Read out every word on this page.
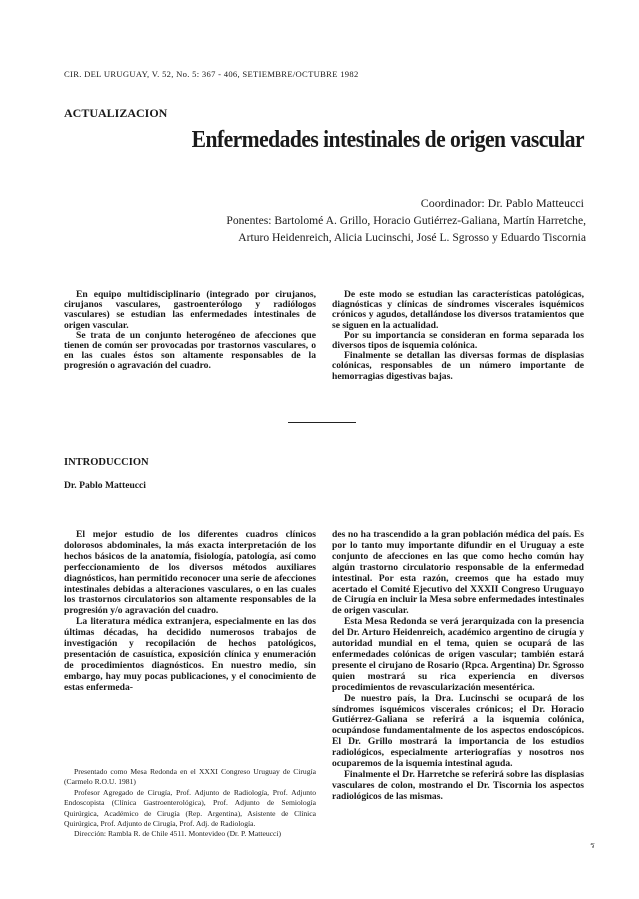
CIR. DEL URUGUAY, V. 52, No. 5: 367 - 406, SETIEMBRE/OCTUBRE 1982
ACTUALIZACION
Enfermedades intestinales de origen vascular
Coordinador: Dr. Pablo Matteucci
Ponentes: Bartolomé A. Grillo, Horacio Gutiérrez-Galiana, Martín Harretche,
Arturo Heidenreich, Alicia Lucinschi, José L. Sgrosso y Eduardo Tiscornia

En equipo multidisciplinario (integrado por cirujanos, cirujanos vasculares, gastroenterólogo y radiólogos vasculares) se estudian las enfermedades intestinales de origen vascular.

Se trata de un conjunto heterogéneo de afecciones que tienen de común ser provocadas por trastornos vasculares, o en las cuales éstos son altamente responsables de la progresión o agravación del cuadro.

De este modo se estudian las características patológicas, diagnósticas y clínicas de síndromes viscerales isquémicos crónicos y agudos, detallándose los diversos tratamientos que se siguen en la actualidad.

Por su importancia se consideran en forma separada los diversos tipos de isquemia colónica.

Finalmente se detallan las diversas formas de displasias colónicas, responsables de un número importante de hemorragias digestivas bajas.

INTRODUCCION
Dr. Pablo Matteucci

El mejor estudio de los diferentes cuadros clínicos dolorosos abdominales, la más exacta interpretación de los hechos básicos de la anatomía, fisiología, patología, así como perfeccionamiento de los diversos métodos auxiliares diagnósticos, han permitido reconocer una serie de afecciones intestinales debidas a alteraciones vasculares, o en las cuales los trastornos circulatorios son altamente responsables de la progresión y/o agravación del cuadro.

La literatura médica extranjera, especialmente en las dos últimas décadas, ha decidido numerosos trabajos de investigación y recopilación de hechos patológicos, presentación de casuística, exposición clínica y enumeración de procedimientos diagnósticos. En nuestro medio, sin embargo, hay muy pocas publicaciones, y el conocimiento de estas enfermeda-

des no ha trascendido a la gran población médica del país. Es por lo tanto muy importante difundir en el Uruguay a este conjunto de afecciones en las que como hecho común hay algún trastorno circulatorio responsable de la enfermedad intestinal. Por esta razón, creemos que ha estado muy acertado el Comité Ejecutivo del XXXII Congreso Uruguayo de Cirugía en incluir la Mesa sobre enfermedades intestinales de origen vascular.

Esta Mesa Redonda se verá jerarquizada con la presencia del Dr. Arturo Heidenreich, académico argentino de cirugía y autoridad mundial en el tema, quien se ocupará de las enfermedades colónicas de origen vascular; también estará presente el cirujano de Rosario (Rpca. Argentina) Dr. Sgrosso quien mostrará su rica experiencia en diversos procedimientos de revascularización mesentérica.

De nuestro país, la Dra. Lucinschi se ocupará de los síndromes isquémicos viscerales crónicos; el Dr. Horacio Gutiérrez-Galiana se referirá a la isquemia colónica, ocupándose fundamentalmente de los aspectos endoscópicos. El Dr. Grillo mostrará la importancia de los estudios radiológicos, especialmente arteriografías y nosotros nos ocuparemos de la isquemia intestinal aguda.

Finalmente el Dr. Harretche se referirá sobre las displasias vasculares de colon, mostrando el Dr. Tiscornia los aspectos radiológicos de las mismas.

Presentado como Mesa Redonda en el XXXI Congreso Uruguay de Cirugía (Carmelo R.O.U. 1981)

Profesor Agregado de Cirugía, Prof. Adjunto de Radiología, Prof. Adjunto Endoscopista (Clínica Gastroenterológica), Prof. Adjunto de Semiología Quirúrgica, Académico de Cirugía (Rep. Argentina), Asistente de Clínica Quirúrgica, Prof. Adjunto de Cirugía, Prof. Adj. de Radiología.

Dirección: Rambla R. de Chile 4511. Montevideo (Dr. P. Matteucci)

ร
